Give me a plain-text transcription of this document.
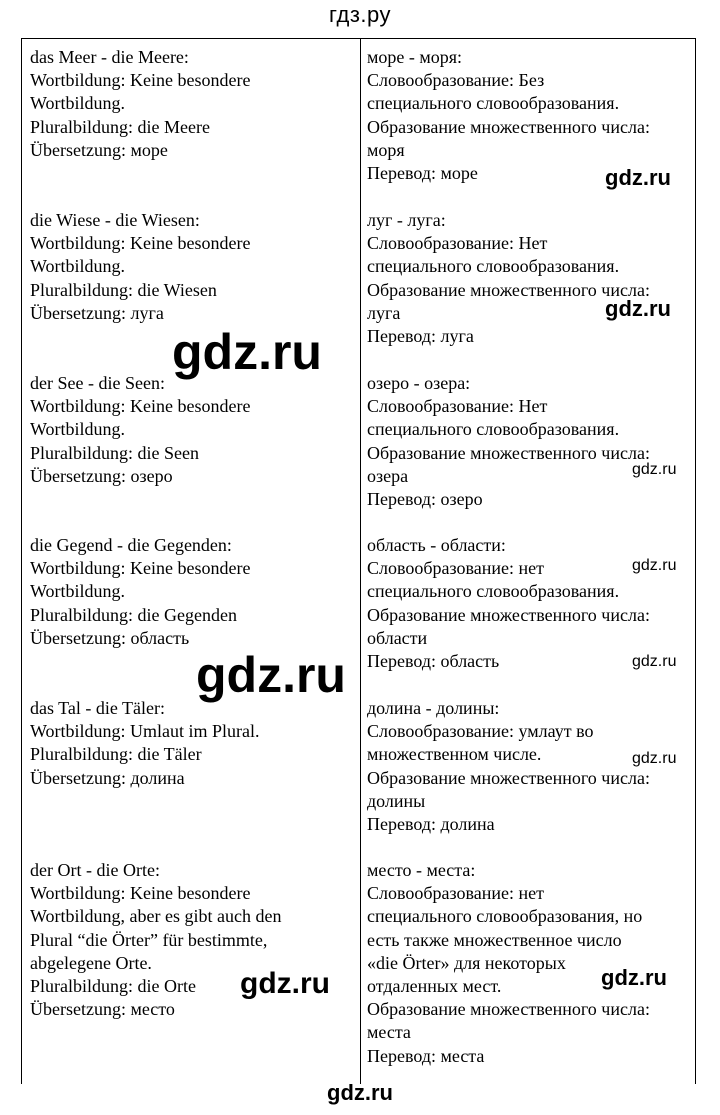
гдз.ру
das Meer - die Meere:
Wortbildung: Keine besondere
Wortbildung.
Pluralbildung: die Meere
Übersetzung: море
море - моря:
Словообразование: Без
специального словообразования.
Образование множественного числа:
моря
Перевод: море
die Wiese - die Wiesen:
Wortbildung: Keine besondere
Wortbildung.
Pluralbildung: die Wiesen
Übersetzung: луга
луг - луга:
Словообразование: Нет
специального словообразования.
Образование множественного числа:
луга
Перевод: луга
der See - die Seen:
Wortbildung: Keine besondere
Wortbildung.
Pluralbildung: die Seen
Übersetzung: озеро
озеро - озера:
Словообразование: Нет
специального словообразования.
Образование множественного числа:
озера
Перевод: озеро
die Gegend - die Gegenden:
Wortbildung: Keine besondere
Wortbildung.
Pluralbildung: die Gegenden
Übersetzung: область
область - области:
Словообразование: нет
специального словообразования.
Образование множественного числа:
области
Перевод: область
das Tal - die Täler:
Wortbildung: Umlaut im Plural.
Pluralbildung: die Täler
Übersetzung: долина
долина - долины:
Словообразование: умлаут во
множественном числе.
Образование множественного числа:
долины
Перевод: долина
der Ort - die Orte:
Wortbildung: Keine besondere
Wortbildung, aber es gibt auch den
Plural “die Örter” für bestimmte,
abgelegene Orte.
Pluralbildung: die Orte
Übersetzung: место
место - места:
Словообразование: нет
специального словообразования, но
есть также множественное число
«die Örter» для некоторых
отдаленных мест.
Образование множественного числа:
места
Перевод: места
gdz.ru
gdz.ru
gdz.ru
gdz.ru
gdz.ru
gdz.ru	gdz.ru
gdz.ru
gdz.ru	gdz.ru
gdz.ru
